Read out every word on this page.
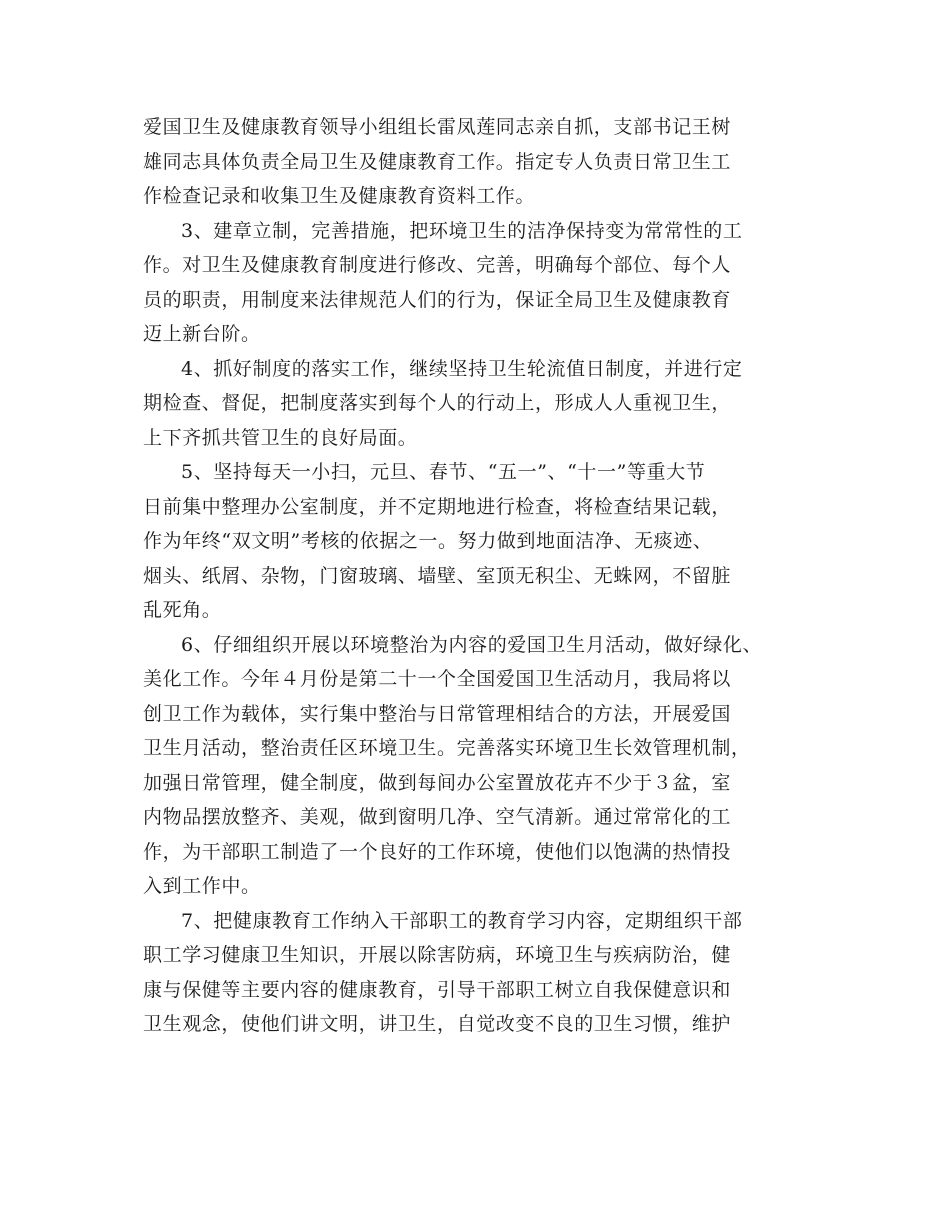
爱国卫生及健康教育领导小组组长雷凤莲同志亲自抓，支部书记王树
雄同志具体负责全局卫生及健康教育工作。指定专人负责日常卫生工
作检查记录和收集卫生及健康教育资料工作。
3、建章立制，完善措施，把环境卫生的洁净保持变为常常性的工
作。对卫生及健康教育制度进行修改、完善，明确每个部位、每个人
员的职责，用制度来法律规范人们的行为，保证全局卫生及健康教育
迈上新台阶。
4、抓好制度的落实工作，继续坚持卫生轮流值日制度，并进行定
期检查、督促，把制度落实到每个人的行动上，形成人人重视卫生，
上下齐抓共管卫生的良好局面。
5、坚持每天一小扫，元旦、春节、“五一”、“十一”等重大节
日前集中整理办公室制度，并不定期地进行检查，将检查结果记载，
作为年终“双文明”考核的依据之一。努力做到地面洁净、无痰迹、
烟头、纸屑、杂物，门窗玻璃、墙壁、室顶无积尘、无蛛网，不留脏
乱死角。
6、仔细组织开展以环境整治为内容的爱国卫生月活动，做好绿化、
美化工作。今年４月份是第二十一个全国爱国卫生活动月，我局将以
创卫工作为载体，实行集中整治与日常管理相结合的方法，开展爱国
卫生月活动，整治责任区环境卫生。完善落实环境卫生长效管理机制，
加强日常管理，健全制度，做到每间办公室置放花卉不少于３盆，室
内物品摆放整齐、美观，做到窗明几净、空气清新。通过常常化的工
作，为干部职工制造了一个良好的工作环境，使他们以饱满的热情投
入到工作中。
7、把健康教育工作纳入干部职工的教育学习内容，定期组织干部
职工学习健康卫生知识，开展以除害防病，环境卫生与疾病防治，健
康与保健等主要内容的健康教育，引导干部职工树立自我保健意识和
卫生观念，使他们讲文明，讲卫生，自觉改变不良的卫生习惯，维护
